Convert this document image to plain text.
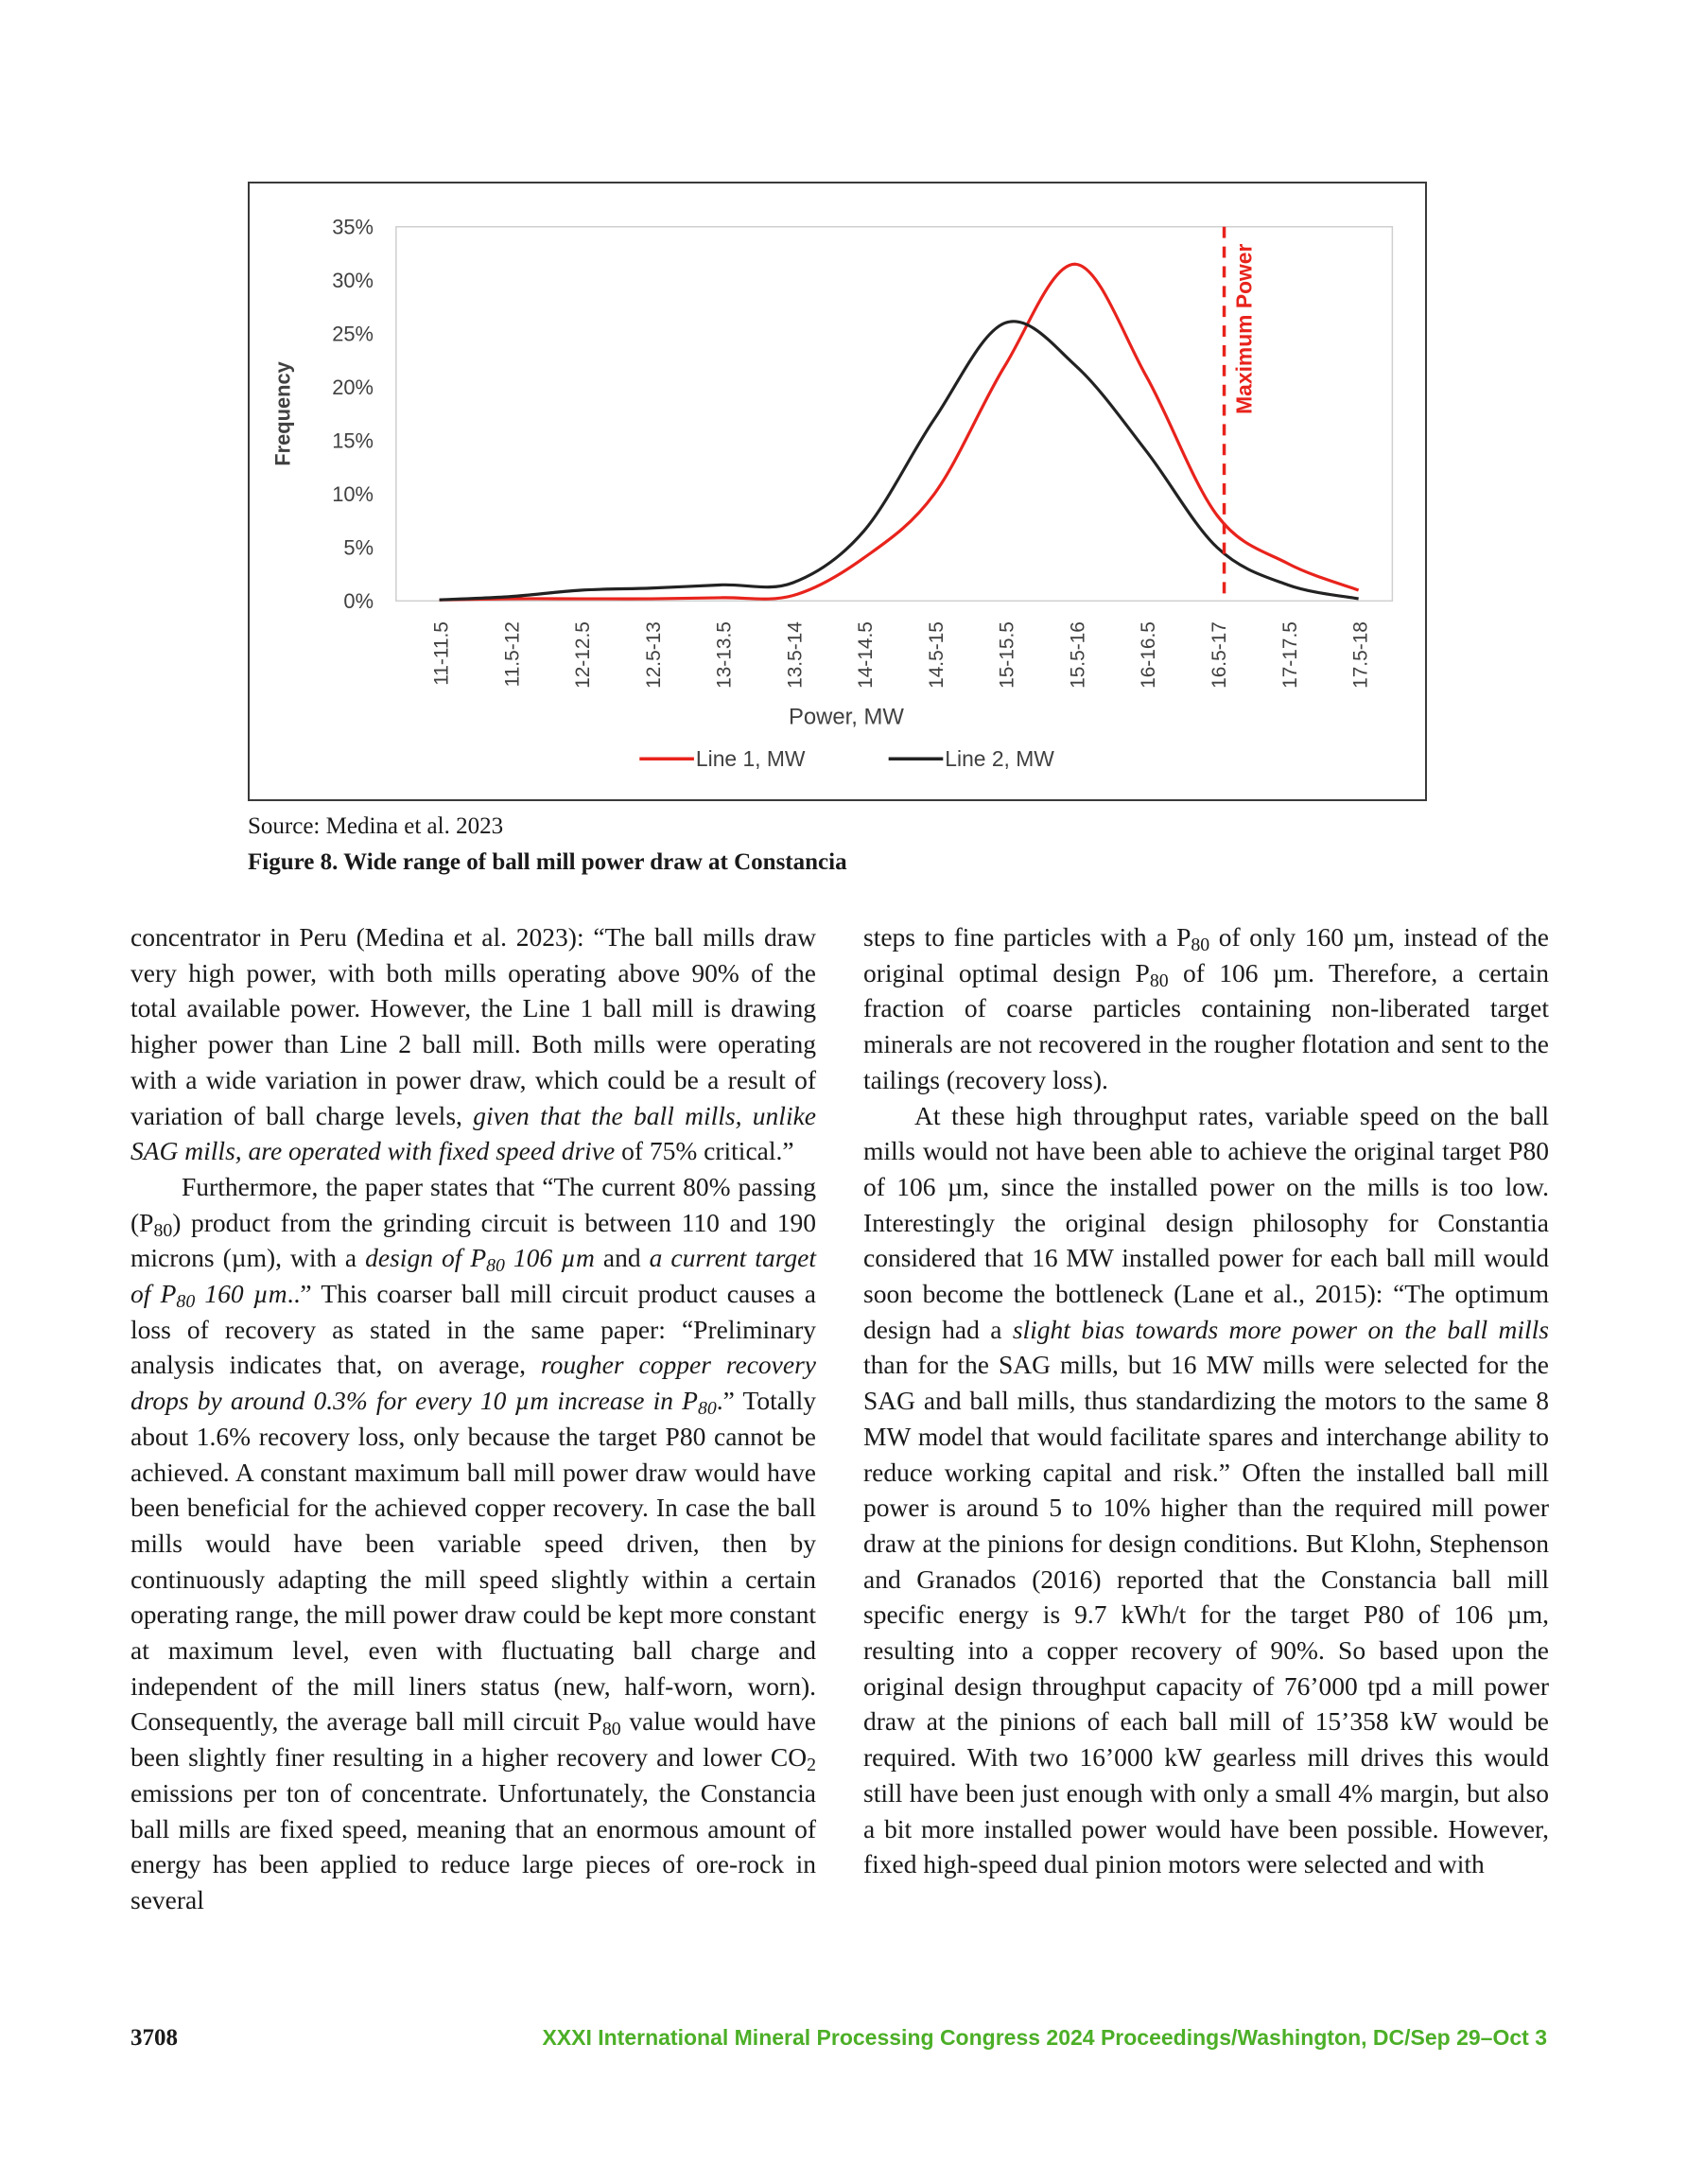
0%
5%
10%
15%
20%
25%
30%
35%
11-11.5 11.5-12 12-12.5 12.5-13 13-13.5 13.5-14 14-14.5 14.5-15 15-15.5 15.5-16 16-16.5 16.5-17 17-17.5 17.5-18
Frequency
Power, MW
Maximum Power
Line 1, MW	Line 2, MW
Source: Medina et al. 2023
Figure 8. Wide range of ball mill power draw at Constancia

concentrator in Peru (Medina et al. 2023): “The ball mills draw very high power, with both mills operating above 90% of the total available power. However, the Line 1 ball mill is drawing higher power than Line 2 ball mill. Both mills were operating with a wide variation in power draw, which could be a result of variation of ball charge levels, given that the ball mills, unlike SAG mills, are operated with fixed speed drive of 75% critical.”

Furthermore, the paper states that “The current 80% passing $(P_{80})$ product from the grinding circuit is between 110 and 190 microns (µm), with a design of $P_{80}$ 106 µm and a current target of $P_{80}$ 160 µm..” This coarser ball mill circuit product causes a loss of recovery as stated in the same paper: “Preliminary analysis indicates that, on average, rougher copper recovery drops by around 0.3% for every 10 µm increase in $P_{80}$.” Totally about 1.6% recovery loss, only because the target P80 cannot be achieved. A constant maximum ball mill power draw would have been beneficial for the achieved copper recovery. In case the ball mills would have been variable speed driven, then by continuously adapting the mill speed slightly within a certain operating range, the mill power draw could be kept more constant at maximum level, even with fluctuating ball charge and independent of the mill liners status (new, half-worn, worn). Consequently, the average ball mill circuit $P_{80}$ value would have been slightly finer resulting in a higher recovery and lower $CO_2$ emissions per ton of concentrate. Unfortunately, the Constancia ball mills are fixed speed, meaning that an enormous amount of energy has been applied to reduce large pieces of ore-rock in several

steps to fine particles with a $P_{80}$ of only 160 µm, instead of the original optimal design $P_{80}$ of 106 µm. Therefore, a certain fraction of coarse particles containing non-liberated target minerals are not recovered in the rougher flotation and sent to the tailings (recovery loss).

At these high throughput rates, variable speed on the ball mills would not have been able to achieve the original target P80 of 106 µm, since the installed power on the mills is too low. Interestingly the original design philosophy for Constantia considered that 16 MW installed power for each ball mill would soon become the bottleneck (Lane et al., 2015): “The optimum design had a slight bias towards more power on the ball mills than for the SAG mills, but 16 MW mills were selected for the SAG and ball mills, thus standardizing the motors to the same 8 MW model that would facilitate spares and interchange ability to reduce working capital and risk.” Often the installed ball mill power is around 5 to 10% higher than the required mill power draw at the pinions for design conditions. But Klohn, Stephenson and Granados (2016) reported that the Constancia ball mill specific energy is 9.7 kWh/t for the target P80 of 106 µm, resulting into a copper recovery of 90%. So based upon the original design throughput capacity of 76’000 tpd a mill power draw at the pinions of each ball mill of 15’358 kW would be required. With two 16’000 kW gearless mill drives this would still have been just enough with only a small 4% margin, but also a bit more installed power would have been possible. However, fixed high-speed dual pinion motors were selected and with

3708	XXXI International Mineral Processing Congress 2024 Proceedings/Washington, DC/Sep 29–Oct 3
